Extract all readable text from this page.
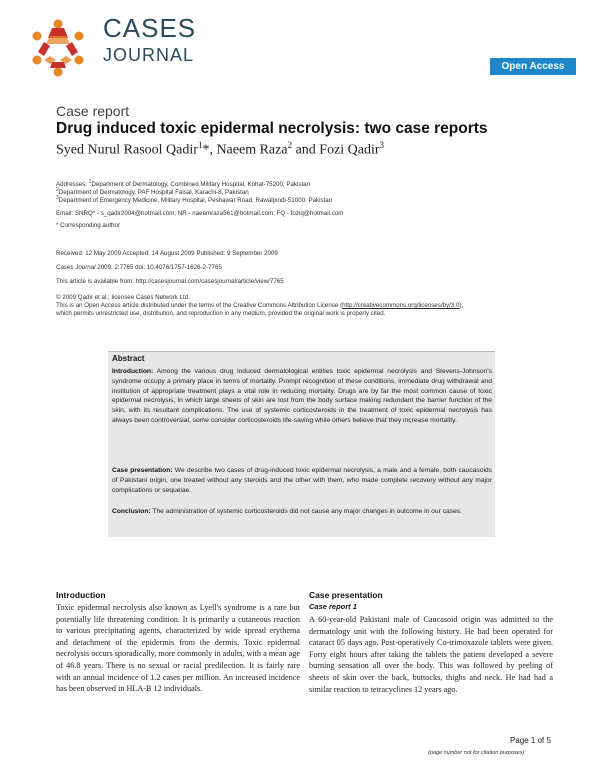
CASES
JOURNAL
Open Access
Case report
Drug induced toxic epidermal necrolysis: two case reports
Syed Nurul Rasool Qadir$^1$*, Naeem Raza$^2$ and Fozi Qadir$^3$
Addresses: $^1$Department of Dermatology, Combined Military Hospital, Kohat-75200, Pakistan
$^2$Department of Dermatology, PAF Hospital Faisal, Karachi-8, Pakistan
$^3$Department of Emergency Medicine, Military Hospital, Peshawar Road, Rawalpindi-51000, Pakistan
Email: SNRQ* - s_qadir2004@hotmail.com; NR - naeemraza561@hotmail.com; FQ - foziq@hotmail.com
* Corresponding author
Received: 12 May 2009 Accepted: 14 August 2009 Published: 9 September 2009
Cases Journal 2009, 2:7765 doi: 10.4076/1757-1626-2-7765
This article is available from: http://casesjournal.com/casesjournal/article/view/7765
© 2009 Qadir et al.; licensee Cases Network Ltd.
This is an Open Access article distributed under the terms of the Creative Commons Attribution License (http://creativecommons.org/licenses/by/3.0),
which permits unrestricted use, distribution, and reproduction in any medium, provided the original work is properly cited.
Abstract
Introduction: Among the various drug induced dermatological entities toxic epidermal necrolysis and Stevens-Johnson's syndrome occupy a primary place in terms of mortality. Prompt recognition of these conditions, immediate drug withdrawal and institution of appropriate treatment plays a vital role in reducing mortality. Drugs are by far the most common cause of toxic epidermal necrolysis, in which large sheets of skin are lost from the body surface making redundant the barrier function of the skin, with its resultant complications. The use of systemic corticosteroids in the treatment of toxic epidermal necrolysis has always been controversial, some consider corticosteroids life-saving while others believe that they increase mortality.
Case presentation: We describe two cases of drug-induced toxic epidermal necrolysis, a male and a female, both caucasoids of Pakistani origin, one treated without any steroids and the other with them, who made complete recovery without any major complications or sequelae.
Conclusion: The administration of systemic corticosteroids did not cause any major changes in outcome in our cases.
Introduction
Toxic epidermal necrolysis also known as Lyell's syndrome is a rare but potentially life threatening condition. It is primarily a cutaneous reaction to various precipitating agents, characterized by wide spread erythema and detachment of the epidermis from the dermis. Toxic epidermal necrolysis occurs sporadically, more commonly in adults, with a mean age of 46.8 years. There is no sexual or racial predilection. It is fairly rare with an annual incidence of 1.2 cases per million. An increased incidence has been observed in HLA-B 12 individuals.
Case presentation
Case report 1
A 60-year-old Pakistani male of Caucasoid origin was admitted to the dermatology unit with the following history. He had been operated for cataract 05 days ago. Post-operatively Co-trimoxazole tablets were given. Forty eight hours after taking the tablets the patient developed a severe burning sensation all over the body. This was followed by peeling of sheets of skin over the back, buttocks, thighs and neck. He had had a similar reaction to tetracyclines 12 years ago.
Page 1 of 5
(page number not for citation purposes)
